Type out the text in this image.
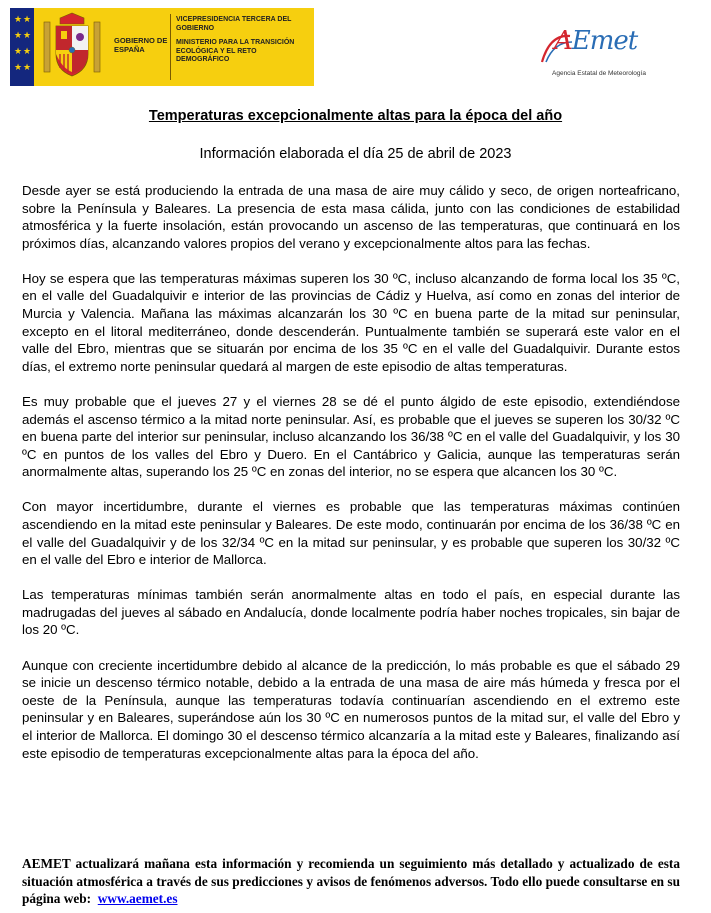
★ ★
★ ★
★ ★
★ ★
GOBIERNO DE ESPAÑA
VICEPRESIDENCIA TERCERA DEL GOBIERNO
MINISTERIO PARA LA TRANSICIÓN ECOLÓGICA Y EL RETO DEMOGRÁFICO
AEmet
Agencia Estatal de Meteorología
Temperaturas excepcionalmente altas para la época del año
Información elaborada el día 25 de abril de 2023

Desde ayer se está produciendo la entrada de una masa de aire muy cálido y seco, de origen norteafricano, sobre la Península y Baleares. La presencia de esta masa cálida, junto con las condiciones de estabilidad atmosférica y la fuerte insolación, están provocando un ascenso de las temperaturas, que continuará en los próximos días, alcanzando valores propios del verano y excepcionalmente altos para las fechas.

Hoy se espera que las temperaturas máximas superen los 30 ºC, incluso alcanzando de forma local los 35 ºC, en el valle del Guadalquivir e interior de las provincias de Cádiz y Huelva, así como en zonas del interior de Murcia y Valencia. Mañana las máximas alcanzarán los 30 ºC en buena parte de la mitad sur peninsular, excepto en el litoral mediterráneo, donde descenderán. Puntualmente también se superará este valor en el valle del Ebro, mientras que se situarán por encima de los 35 ºC en el valle del Guadalquivir. Durante estos días, el extremo norte peninsular quedará al margen de este episodio de altas temperaturas.

Es muy probable que el jueves 27 y el viernes 28 se dé el punto álgido de este episodio, extendiéndose además el ascenso térmico a la mitad norte peninsular. Así, es probable que el jueves se superen los 30/32 ºC en buena parte del interior sur peninsular, incluso alcanzando los 36/38 ºC en el valle del Guadalquivir, y los 30 ºC en puntos de los valles del Ebro y Duero. En el Cantábrico y Galicia, aunque las temperaturas serán anormalmente altas, superando los 25 ºC en zonas del interior, no se espera que alcancen los 30 ºC.

Con mayor incertidumbre, durante el viernes es probable que las temperaturas máximas continúen ascendiendo en la mitad este peninsular y Baleares. De este modo, continuarán por encima de los 36/38 ºC en el valle del Guadalquivir y de los 32/34 ºC en la mitad sur peninsular, y es probable que superen los 30/32 ºC en el valle del Ebro e interior de Mallorca.

Las temperaturas mínimas también serán anormalmente altas en todo el país, en especial durante las madrugadas del jueves al sábado en Andalucía, donde localmente podría haber noches tropicales, sin bajar de los 20 ºC.

Aunque con creciente incertidumbre debido al alcance de la predicción, lo más probable es que el sábado 29 se inicie un descenso térmico notable, debido a la entrada de una masa de aire más húmeda y fresca por el oeste de la Península, aunque las temperaturas todavía continuarían ascendiendo en el extremo este peninsular y en Baleares, superándose aún los 30 ºC en numerosos puntos de la mitad sur, el valle del Ebro y el interior de Mallorca. El domingo 30 el descenso térmico alcanzaría a la mitad este y Baleares, finalizando así este episodio de temperaturas excepcionalmente altas para la época del año.

AEMET actualizará mañana esta información y recomienda un seguimiento más detallado y actualizado de esta situación atmosférica a través de sus predicciones y avisos de fenómenos adversos. Todo ello puede consultarse en su página web: www.aemet.es
